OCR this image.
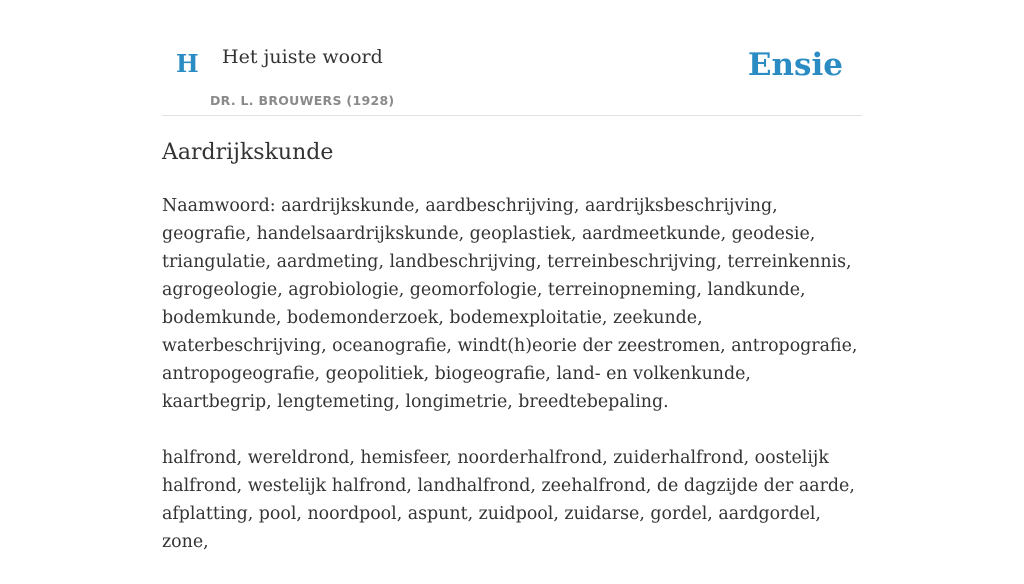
H Het juiste woord
DR. L. BROUWERS (1928)
Ensie
Aardrijkskunde

Naamwoord: aardrijkskunde, aardbeschrijving, aardrijksbeschrijving, geografie, handelsaardrijkskunde, geoplastiek, aardmeetkunde, geodesie, triangulatie, aardmeting, landbeschrijving, terreinbeschrijving, terreinkennis, agrogeologie, agrobiologie, geomorfologie, terreinopneming, landkunde, bodemkunde, bodemonderzoek, bodemexploitatie, zeekunde, waterbeschrijving, oceanografie, windt(h)eorie der zeestromen, antropografie, antropogeografie, geopolitiek, biogeografie, land- en volkenkunde, kaartbegrip, lengtemeting, longimetrie, breedtebepaling.

halfrond, wereldrond, hemisfeer, noorderhalfrond, zuiderhalfrond, oostelijk halfrond, westelijk halfrond, landhalfrond, zeehalfrond, de dagzijde der aarde, afplatting, pool, noordpool, aspunt, zuidpool, zuidarse, gordel, aardgordel, zone,
